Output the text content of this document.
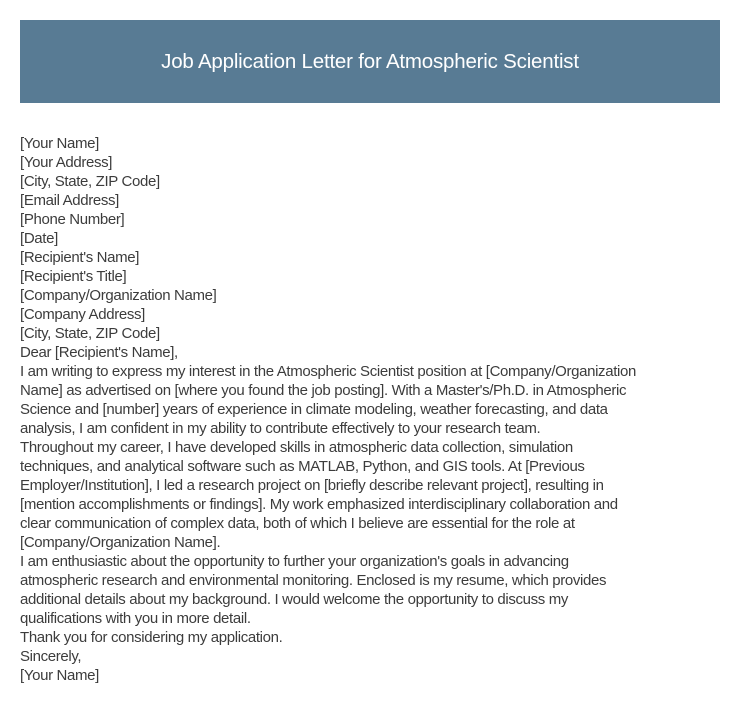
Job Application Letter for Atmospheric Scientist
[Your Name]
[Your Address]
[City, State, ZIP Code]
[Email Address]
[Phone Number]
[Date]
[Recipient's Name]
[Recipient's Title]
[Company/Organization Name]
[Company Address]
[City, State, ZIP Code]
Dear [Recipient's Name],
I am writing to express my interest in the Atmospheric Scientist position at [Company/Organization
Name] as advertised on [where you found the job posting]. With a Master's/Ph.D. in Atmospheric
Science and [number] years of experience in climate modeling, weather forecasting, and data
analysis, I am confident in my ability to contribute effectively to your research team.
Throughout my career, I have developed skills in atmospheric data collection, simulation
techniques, and analytical software such as MATLAB, Python, and GIS tools. At [Previous
Employer/Institution], I led a research project on [briefly describe relevant project], resulting in
[mention accomplishments or findings]. My work emphasized interdisciplinary collaboration and
clear communication of complex data, both of which I believe are essential for the role at
[Company/Organization Name].
I am enthusiastic about the opportunity to further your organization's goals in advancing
atmospheric research and environmental monitoring. Enclosed is my resume, which provides
additional details about my background. I would welcome the opportunity to discuss my
qualifications with you in more detail.
Thank you for considering my application.
Sincerely,
[Your Name]
